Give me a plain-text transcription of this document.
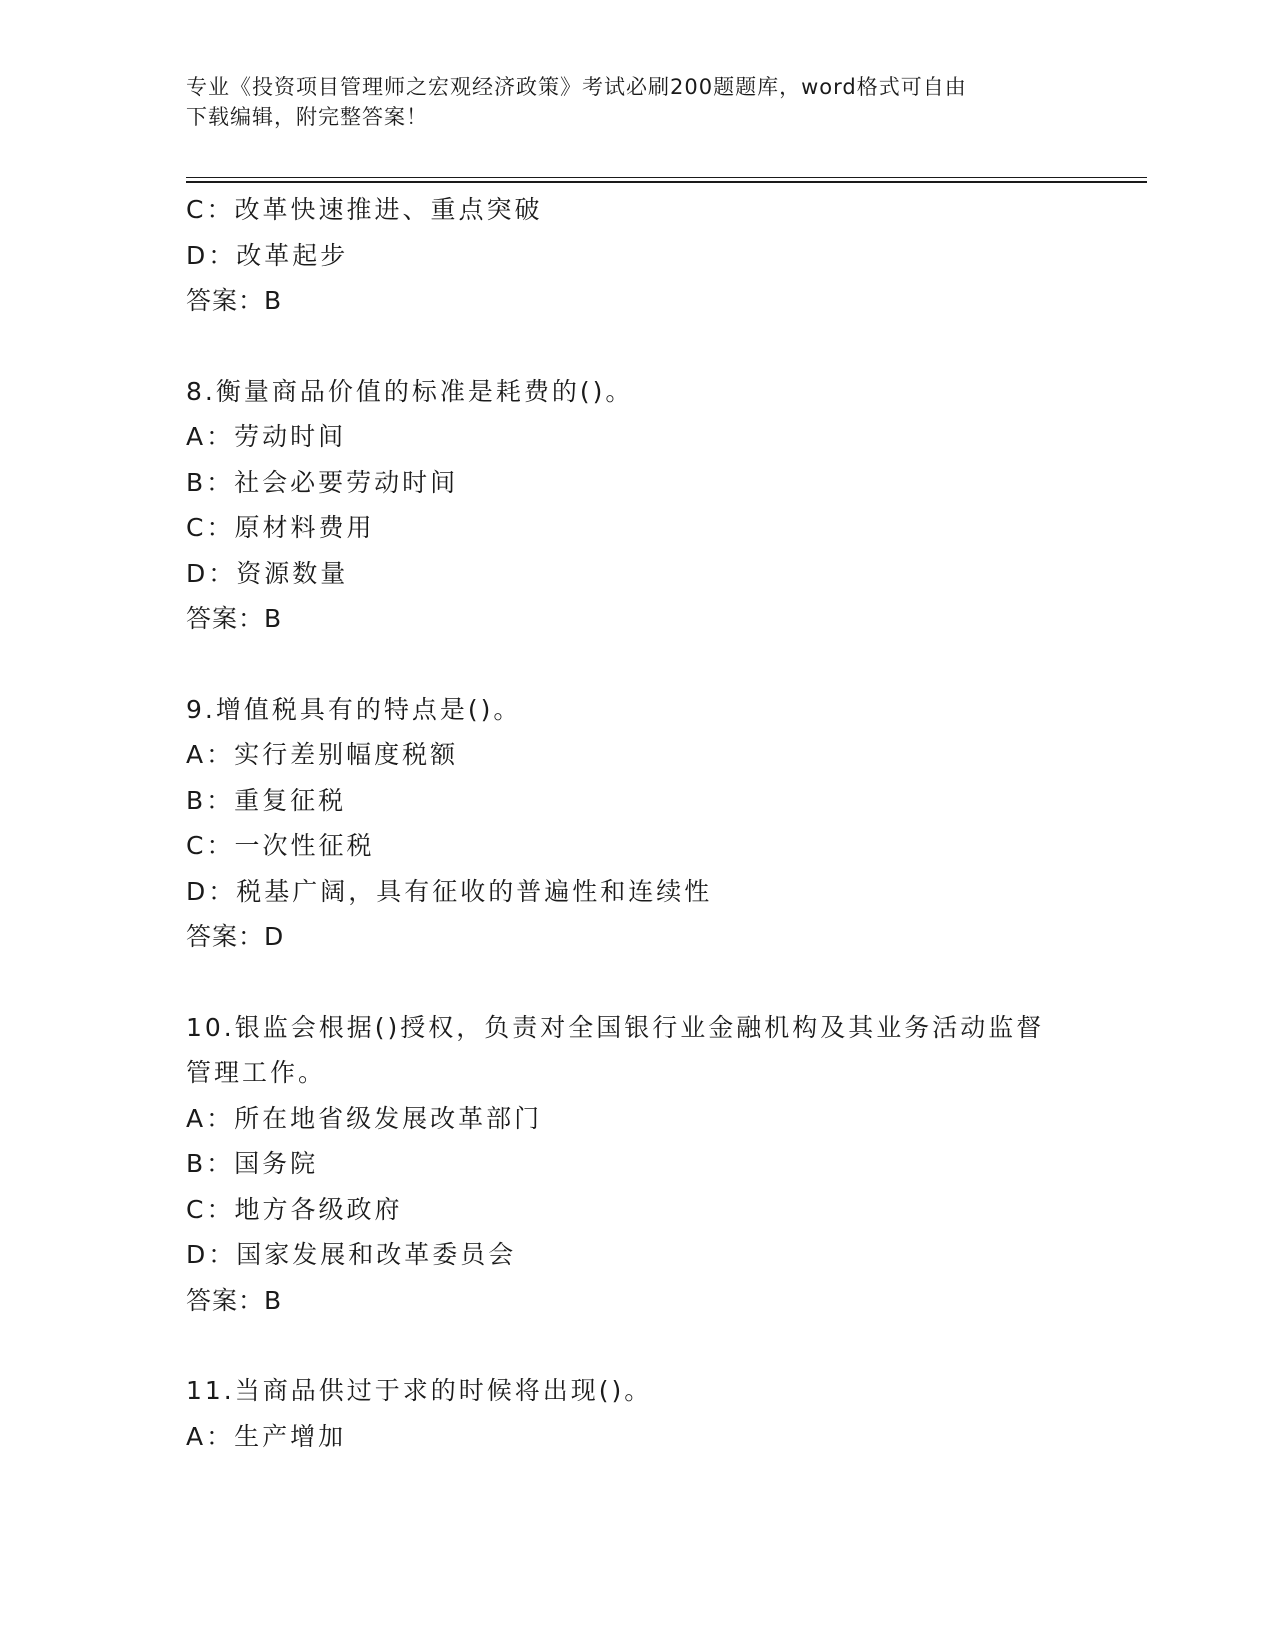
专业《投资项目管理师之宏观经济政策》考试必刷200题题库，word格式可自由
下载编辑，附完整答案！
C：改革快速推进、重点突破
D：改革起步
答案：B
8.衡量商品价值的标准是耗费的()。
A：劳动时间
B：社会必要劳动时间
C：原材料费用
D：资源数量
答案：B
9.增值税具有的特点是()。
A：实行差别幅度税额
B：重复征税
C：一次性征税
D：税基广阔，具有征收的普遍性和连续性
答案：D
10.银监会根据()授权，负责对全国银行业金融机构及其业务活动监督
管理工作。
A：所在地省级发展改革部门
B：国务院
C：地方各级政府
D：国家发展和改革委员会
答案：B
11.当商品供过于求的时候将出现()。
A：生产增加
